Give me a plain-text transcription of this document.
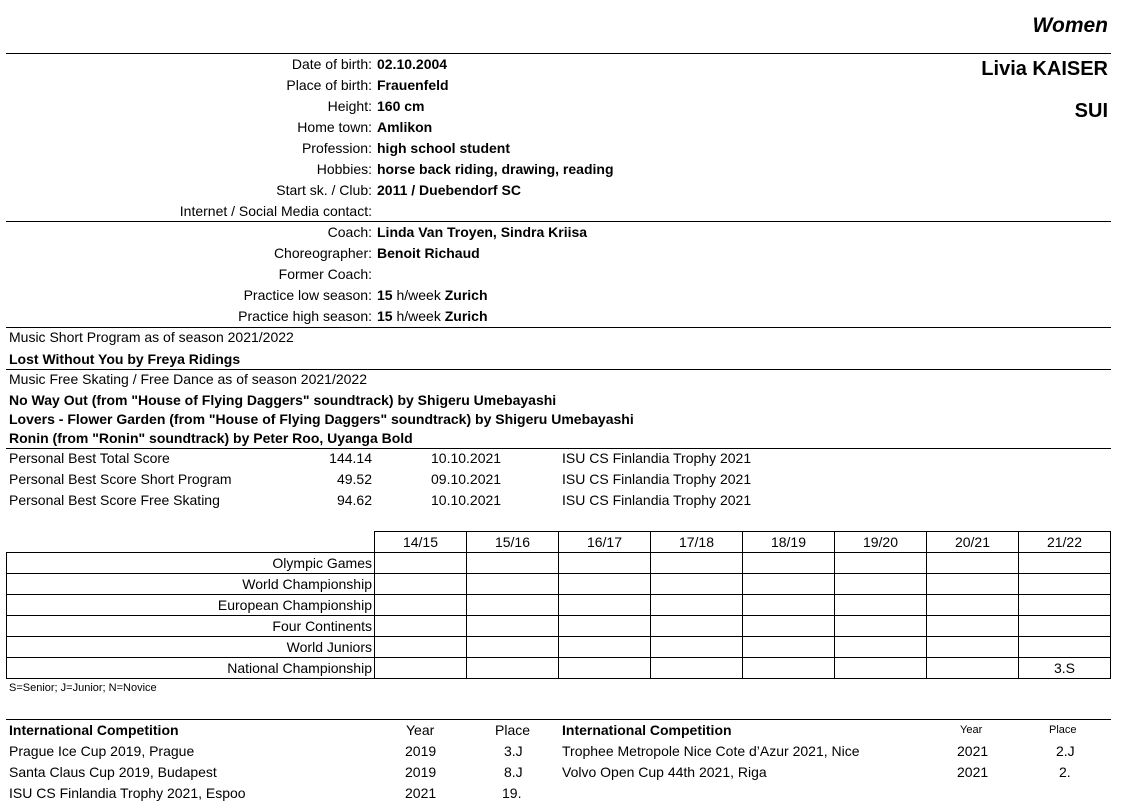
Women
Livia KAISER
SUI
Date of birth: 02.10.2004
Place of birth: Frauenfeld
Height: 160 cm
Home town: Amlikon
Profession: high school student
Hobbies: horse back riding, drawing, reading
Start sk. / Club: 2011 / Duebendorf SC
Internet / Social Media contact:
Coach: Linda Van Troyen, Sindra Kriisa
Choreographer: Benoit Richaud
Former Coach:
Practice low season: 15 h/week Zurich
Practice high season: 15 h/week Zurich
Music Short Program as of season 2021/2022
Lost Without You by Freya Ridings
Music Free Skating / Free Dance as of season 2021/2022
No Way Out (from "House of Flying Daggers" soundtrack) by Shigeru Umebayashi
Lovers - Flower Garden (from "House of Flying Daggers" soundtrack) by Shigeru Umebayashi
Ronin (from "Ronin" soundtrack) by Peter Roo, Uyanga Bold
Personal Best Total Score	144.14	10.10.2021	ISU CS Finlandia Trophy 2021
Personal Best Score Short Program	49.52	09.10.2021	ISU CS Finlandia Trophy 2021
Personal Best Score Free Skating	94.62	10.10.2021	ISU CS Finlandia Trophy 2021
	14/15	15/16	16/17	17/18	18/19	19/20	20/21	21/22
Olympic Games								
World Championship								
European Championship								
Four Continents								
World Juniors								
National Championship								3.S
S=Senior; J=Junior; N=Novice
International Competition	Year	Place
Prague Ice Cup 2019, Prague	2019	3.J
Santa Claus Cup 2019, Budapest	2019	8.J
ISU CS Finlandia Trophy 2021, Espoo	2021	19.
International Competition	Year	Place
Trophee Metropole Nice Cote d’Azur 2021, Nice	2021	2.J
Volvo Open Cup 44th 2021, Riga	2021	2.
